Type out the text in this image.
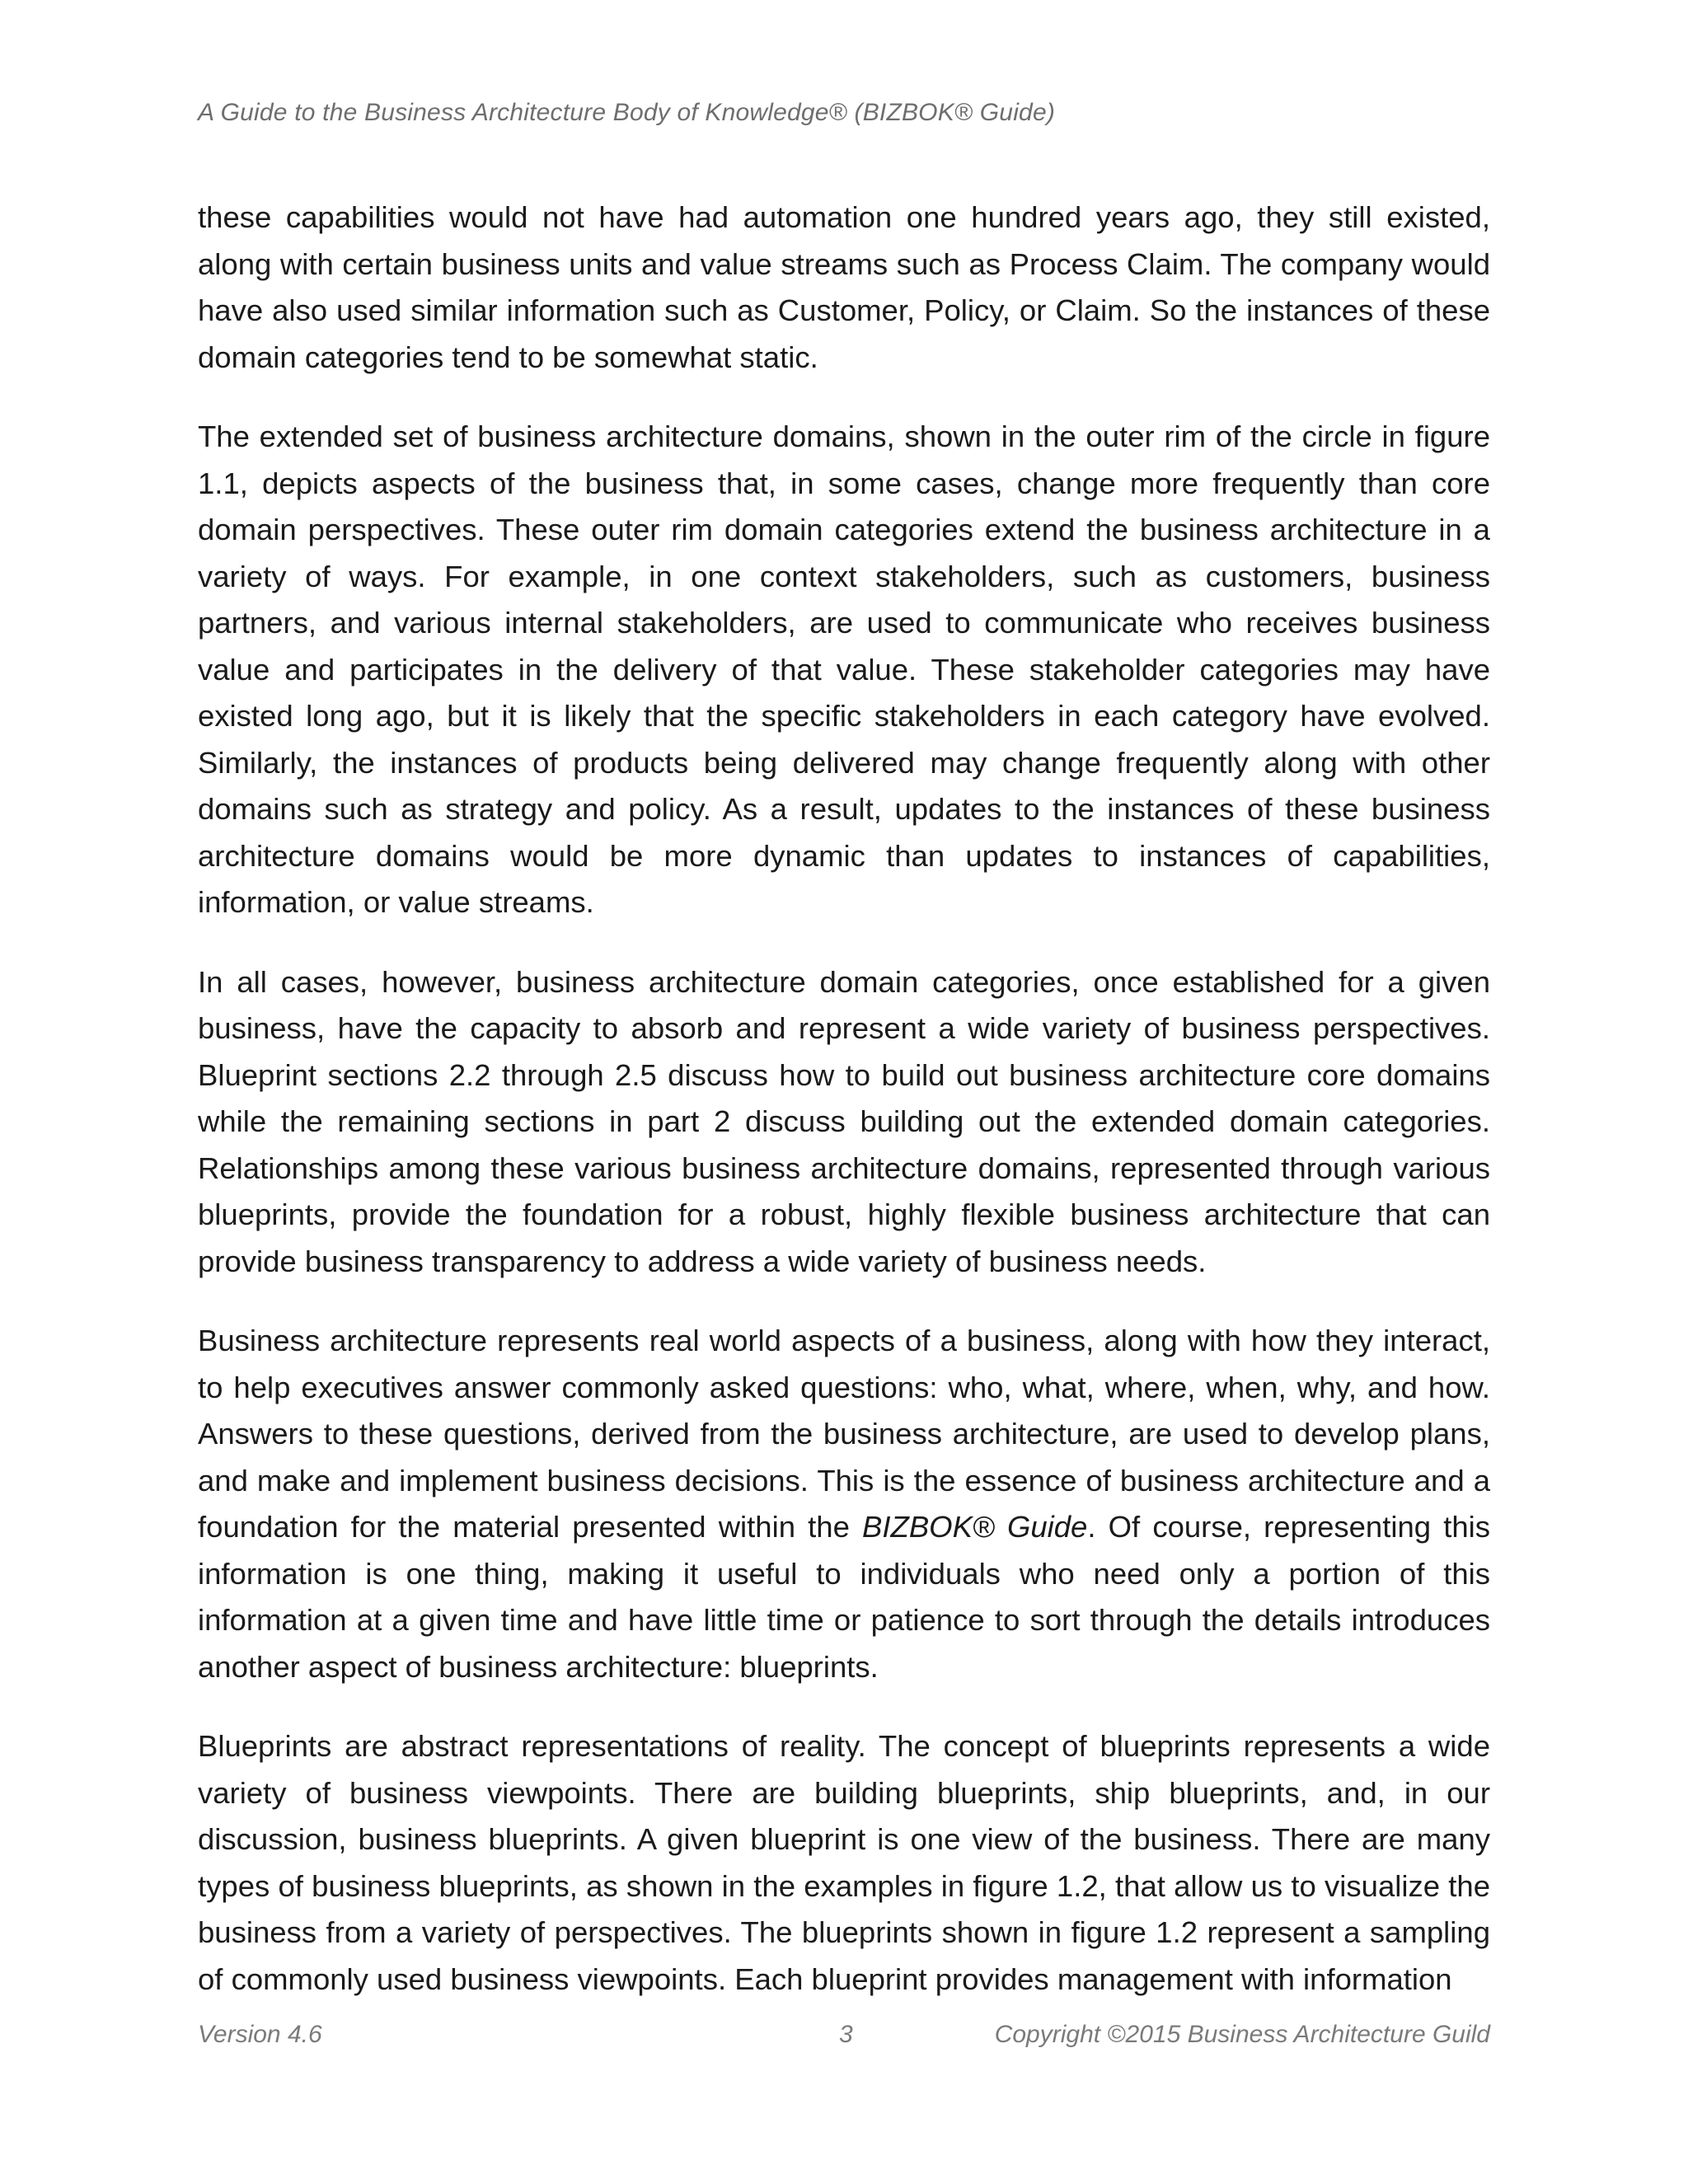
A Guide to the Business Architecture Body of Knowledge® (BIZBOK® Guide)

these capabilities would not have had automation one hundred years ago, they still existed, along with certain business units and value streams such as Process Claim. The company would have also used similar information such as Customer, Policy, or Claim. So the instances of these domain categories tend to be somewhat static.

The extended set of business architecture domains, shown in the outer rim of the circle in figure 1.1, depicts aspects of the business that, in some cases, change more frequently than core domain perspectives. These outer rim domain categories extend the business architecture in a variety of ways. For example, in one context stakeholders, such as customers, business partners, and various internal stakeholders, are used to communicate who receives business value and participates in the delivery of that value. These stakeholder categories may have existed long ago, but it is likely that the specific stakeholders in each category have evolved. Similarly, the instances of products being delivered may change frequently along with other domains such as strategy and policy. As a result, updates to the instances of these business architecture domains would be more dynamic than updates to instances of capabilities, information, or value streams.

In all cases, however, business architecture domain categories, once established for a given business, have the capacity to absorb and represent a wide variety of business perspectives. Blueprint sections 2.2 through 2.5 discuss how to build out business architecture core domains while the remaining sections in part 2 discuss building out the extended domain categories. Relationships among these various business architecture domains, represented through various blueprints, provide the foundation for a robust, highly flexible business architecture that can provide business transparency to address a wide variety of business needs.

Business architecture represents real world aspects of a business, along with how they interact, to help executives answer commonly asked questions: who, what, where, when, why, and how. Answers to these questions, derived from the business architecture, are used to develop plans, and make and implement business decisions. This is the essence of business architecture and a foundation for the material presented within the BIZBOK® Guide. Of course, representing this information is one thing, making it useful to individuals who need only a portion of this information at a given time and have little time or patience to sort through the details introduces another aspect of business architecture: blueprints.

Blueprints are abstract representations of reality. The concept of blueprints represents a wide variety of business viewpoints. There are building blueprints, ship blueprints, and, in our discussion, business blueprints. A given blueprint is one view of the business. There are many types of business blueprints, as shown in the examples in figure 1.2, that allow us to visualize the business from a variety of perspectives. The blueprints shown in figure 1.2 represent a sampling of commonly used business viewpoints. Each blueprint provides management with information

Version 4.6	3	Copyright ©2015 Business Architecture Guild
